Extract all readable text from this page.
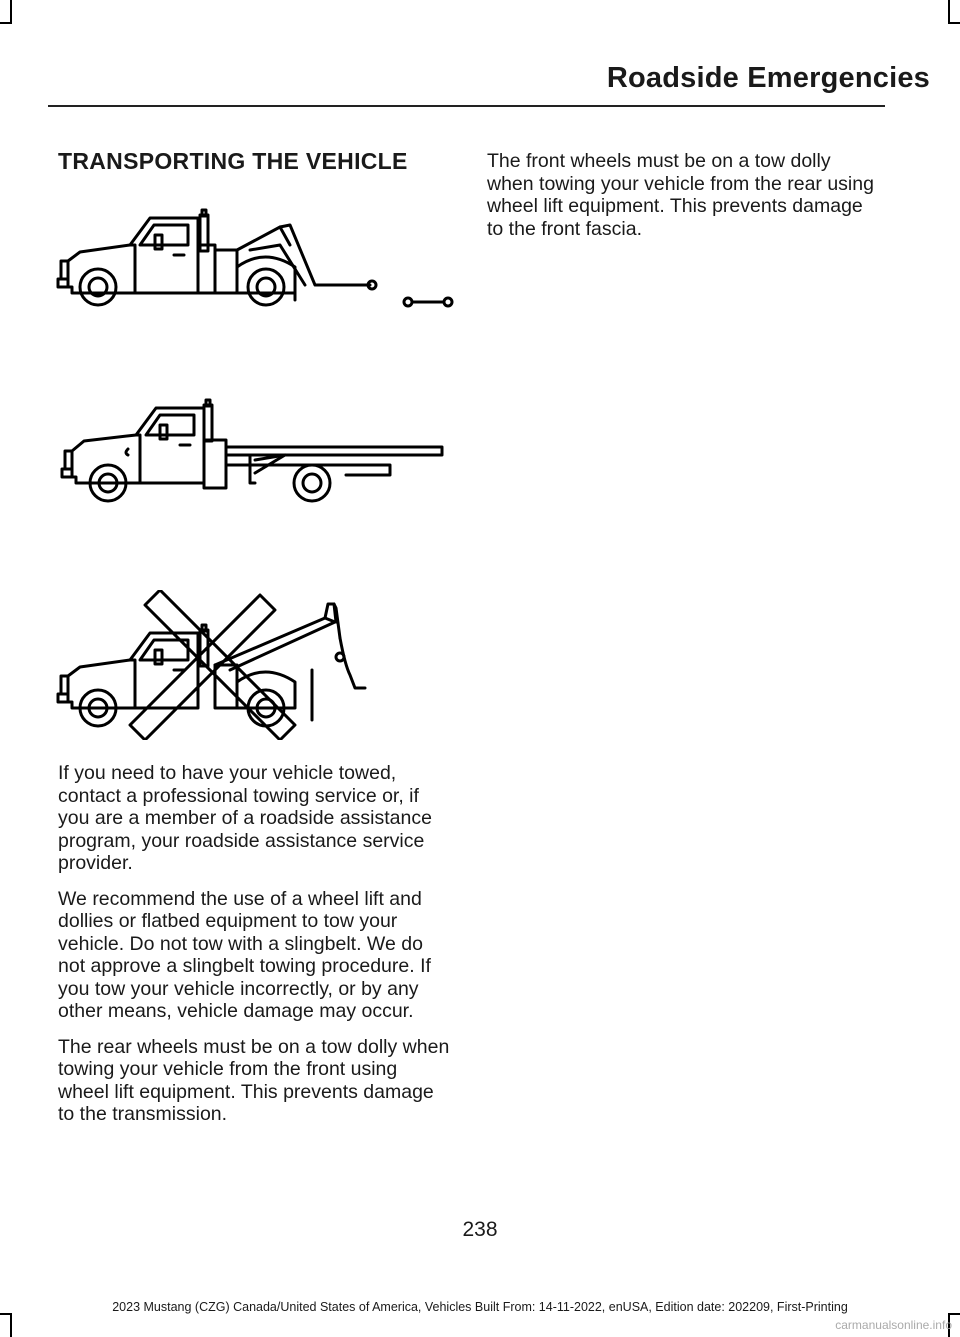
Roadside Emergencies
TRANSPORTING THE VEHICLE

If you need to have your vehicle towed, contact a professional towing service or, if you are a member of a roadside assistance program, your roadside assistance service provider.

We recommend the use of a wheel lift and dollies or flatbed equipment to tow your vehicle. Do not tow with a slingbelt. We do not approve a slingbelt towing procedure. If you tow your vehicle incorrectly, or by any other means, vehicle damage may occur.

The rear wheels must be on a tow dolly when towing your vehicle from the front using wheel lift equipment. This prevents damage to the transmission.

The front wheels must be on a tow dolly when towing your vehicle from the rear using wheel lift equipment. This prevents damage to the front fascia.

238
2023 Mustang (CZG) Canada/United States of America, Vehicles Built From: 14-11-2022, enUSA, Edition date: 202209, First-Printing
carmanualsonline.info
